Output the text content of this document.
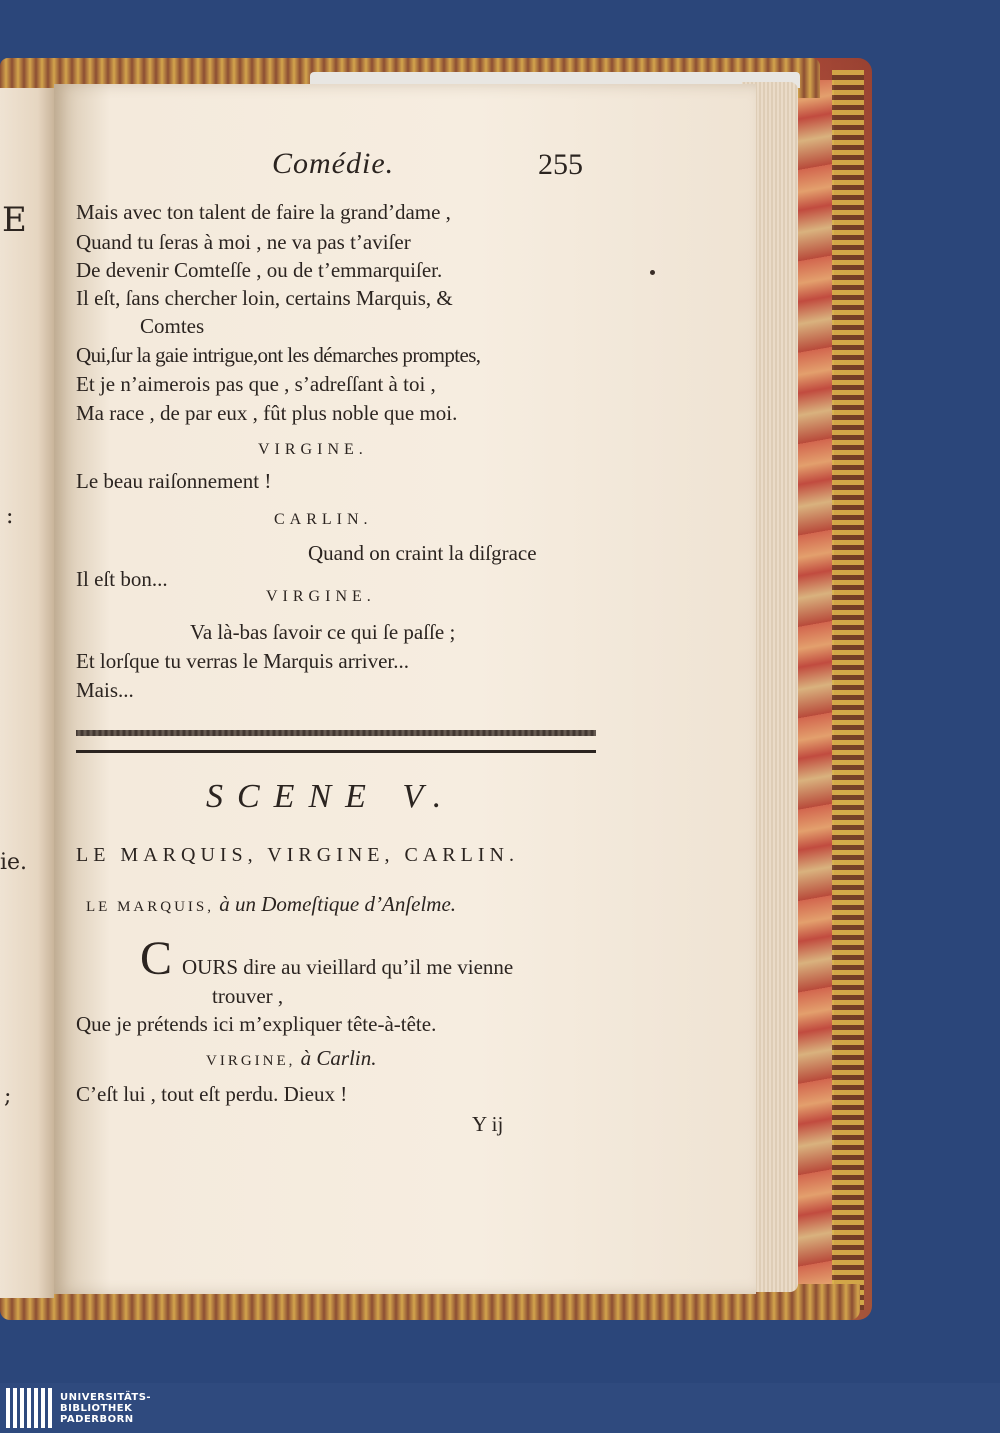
E
:
ie.
;
Comédie.	255
Mais avec ton talent de faire la grand’dame ,
Quand tu ſeras à moi , ne va pas t’aviſer
De devenir Comteſſe , ou de t’emmarquiſer.
Il eſt, ſans chercher loin, certains Marquis, &
Comtes
Qui,ſur la gaie intrigue,ont les démarches promptes,
Et je n’aimerois pas que , s’adreſſant à toi ,
Ma race , de par eux , fût plus noble que moi.
VIRGINE.
Le beau raiſonnement !
CARLIN.
Quand on craint la diſgrace
Il eſt bon...
VIRGINE.
Va là-bas ſavoir ce qui ſe paſſe ;
Et lorſque tu verras le Marquis arriver...
Mais...
SCENE V.
LE MARQUIS, VIRGINE, CARLIN.
LE MARQUIS, à un Domeſtique d’Anſelme.
C OURS dire au vieillard qu’il me vienne
trouver ,
Que je prétends ici m’expliquer tête-à-tête.
VIRGINE, à Carlin.
C’eſt lui , tout eſt perdu. Dieux !
Y ij
UNIVERSITÄTS-
BIBLIOTHEK
PADERBORN
